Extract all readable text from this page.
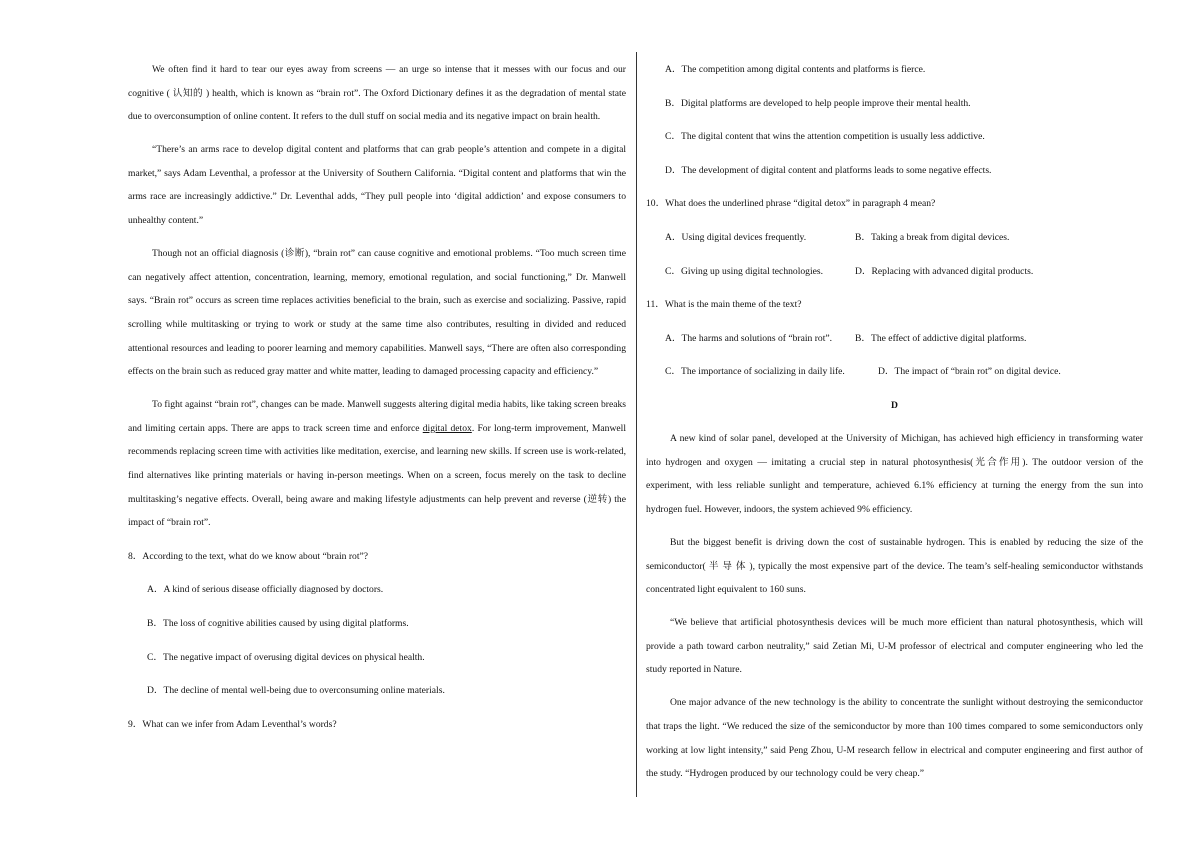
We often find it hard to tear our eyes away from screens — an urge so intense that it messes with our focus and our cognitive ( 认知的 ) health, which is known as “brain rot”. The Oxford Dictionary defines it as the degradation of mental state due to overconsumption of online content. It refers to the dull stuff on social media and its negative impact on brain health.

“There’s an arms race to develop digital content and platforms that can grab people’s attention and compete in a digital market,” says Adam Leventhal, a professor at the University of Southern California. “Digital content and platforms that win the arms race are increasingly addictive.” Dr. Leventhal adds, “They pull people into ‘digital addiction’ and expose consumers to unhealthy content.”

Though not an official diagnosis (诊断), “brain rot” can cause cognitive and emotional problems. “Too much screen time can negatively affect attention, concentration, learning, memory, emotional regulation, and social functioning,” Dr. Manwell says. “Brain rot” occurs as screen time replaces activities beneficial to the brain, such as exercise and socializing. Passive, rapid scrolling while multitasking or trying to work or study at the same time also contributes, resulting in divided and reduced attentional resources and leading to poorer learning and memory capabilities. Manwell says, “There are often also corresponding effects on the brain such as reduced gray matter and white matter, leading to damaged processing capacity and efficiency.”

To fight against “brain rot”, changes can be made. Manwell suggests altering digital media habits, like taking screen breaks and limiting certain apps. There are apps to track screen time and enforce digital detox. For long-term improvement, Manwell recommends replacing screen time with activities like meditation, exercise, and learning new skills. If screen use is work-related, find alternatives like printing materials or having in-person meetings. When on a screen, focus merely on the task to decline multitasking’s negative effects. Overall, being aware and making lifestyle adjustments can help prevent and reverse (逆转) the impact of “brain rot”.

8．According to the text, what do we know about “brain rot”?

A．A kind of serious disease officially diagnosed by doctors.

B．The loss of cognitive abilities caused by using digital platforms.

C．The negative impact of overusing digital devices on physical health.

D．The decline of mental well-being due to overconsuming online materials.

9．What can we infer from Adam Leventhal’s words?

A．The competition among digital contents and platforms is fierce.

B．Digital platforms are developed to help people improve their mental health.

C．The digital content that wins the attention competition is usually less addictive.

D．The development of digital content and platforms leads to some negative effects.

10．What does the underlined phrase “digital detox” in paragraph 4 mean?

A．Using digital devices frequently.	B．Taking a break from digital devices.

C．Giving up using digital technologies.	D．Replacing with advanced digital products.

11．What is the main theme of the text?

A．The harms and solutions of “brain rot”.	B．The effect of addictive digital platforms.

C．The importance of socializing in daily life.	D．The impact of “brain rot” on digital device.

D

A new kind of solar panel, developed at the University of Michigan, has achieved high efficiency in transforming water into hydrogen and oxygen — imitating a crucial step in natural photosynthesis(光合作用). The outdoor version of the experiment, with less reliable sunlight and temperature, achieved 6.1% efficiency at turning the energy from the sun into hydrogen fuel. However, indoors, the system achieved 9% efficiency.

But the biggest benefit is driving down the cost of sustainable hydrogen. This is enabled by reducing the size of the semiconductor( 半 导 体 ), typically the most expensive part of the device. The team’s self-healing semiconductor withstands concentrated light equivalent to 160 suns.

“We believe that artificial photosynthesis devices will be much more efficient than natural photosynthesis, which will provide a path toward carbon neutrality,” said Zetian Mi, U-M professor of electrical and computer engineering who led the study reported in Nature.

One major advance of the new technology is the ability to concentrate the sunlight without destroying the semiconductor that traps the light. “We reduced the size of the semiconductor by more than 100 times compared to some semiconductors only working at low light intensity,” said Peng Zhou, U-M research fellow in electrical and computer engineering and first author of the study. “Hydrogen produced by our technology could be very cheap.”
